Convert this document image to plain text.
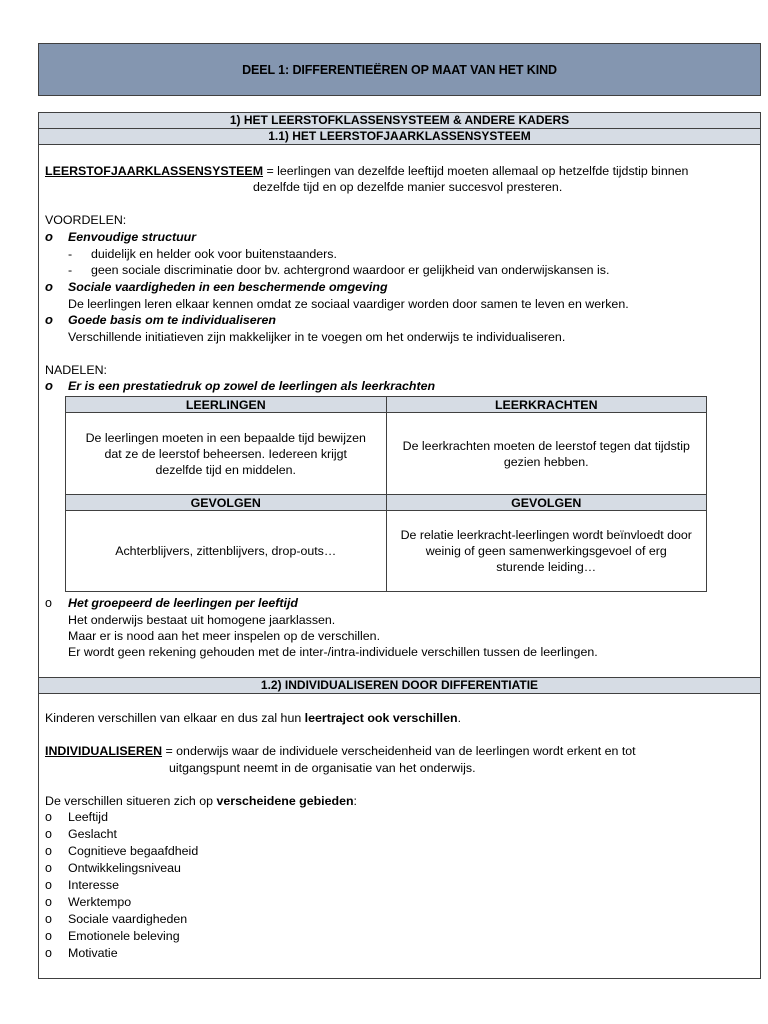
DEEL 1: DIFFERENTIEËREN OP MAAT VAN HET KIND
1) HET LEERSTOFKLASSENSYSTEEM & ANDERE KADERS
1.1) HET LEERSTOFJAARKLASSENSYSTEEM
LEERSTOFJAARKLASSENSYSTEEM = leerlingen van dezelfde leeftijd moeten allemaal op hetzelfde tijdstip binnen
dezelfde tijd en op dezelfde manier succesvol presteren.
VOORDELEN:
o Eenvoudige structuur
- duidelijk en helder ook voor buitenstaanders.
- geen sociale discriminatie door bv. achtergrond waardoor er gelijkheid van onderwijskansen is.
o Sociale vaardigheden in een beschermende omgeving
De leerlingen leren elkaar kennen omdat ze sociaal vaardiger worden door samen te leven en werken.
o Goede basis om te individualiseren
Verschillende initiatieven zijn makkelijker in te voegen om het onderwijs te individualiseren.
NADELEN:
o Er is een prestatiedruk op zowel de leerlingen als leerkrachten
LEERLINGEN	LEERKRACHTEN
De leerlingen moeten in een bepaalde tijd bewijzen dat ze de leerstof beheersen. Iedereen krijgt dezelfde tijd en middelen.	De leerkrachten moeten de leerstof tegen dat tijdstip gezien hebben.
GEVOLGEN	GEVOLGEN
Achterblijvers, zittenblijvers, drop-outs…	De relatie leerkracht-leerlingen wordt beïnvloedt door weinig of geen samenwerkingsgevoel of erg sturende leiding…
o Het groepeerd de leerlingen per leeftijd
Het onderwijs bestaat uit homogene jaarklassen.
Maar er is nood aan het meer inspelen op de verschillen.
Er wordt geen rekening gehouden met de inter-/intra-individuele verschillen tussen de leerlingen.
1.2) INDIVIDUALISEREN DOOR DIFFERENTIATIE
Kinderen verschillen van elkaar en dus zal hun leertraject ook verschillen.
INDIVIDUALISEREN = onderwijs waar de individuele verscheidenheid van de leerlingen wordt erkent en tot
uitgangspunt neemt in de organisatie van het onderwijs.
De verschillen situeren zich op verscheidene gebieden:
o Leeftijd
o Geslacht
o Cognitieve begaafdheid
o Ontwikkelingsniveau
o Interesse
o Werktempo
o Sociale vaardigheden
o Emotionele beleving
o Motivatie
